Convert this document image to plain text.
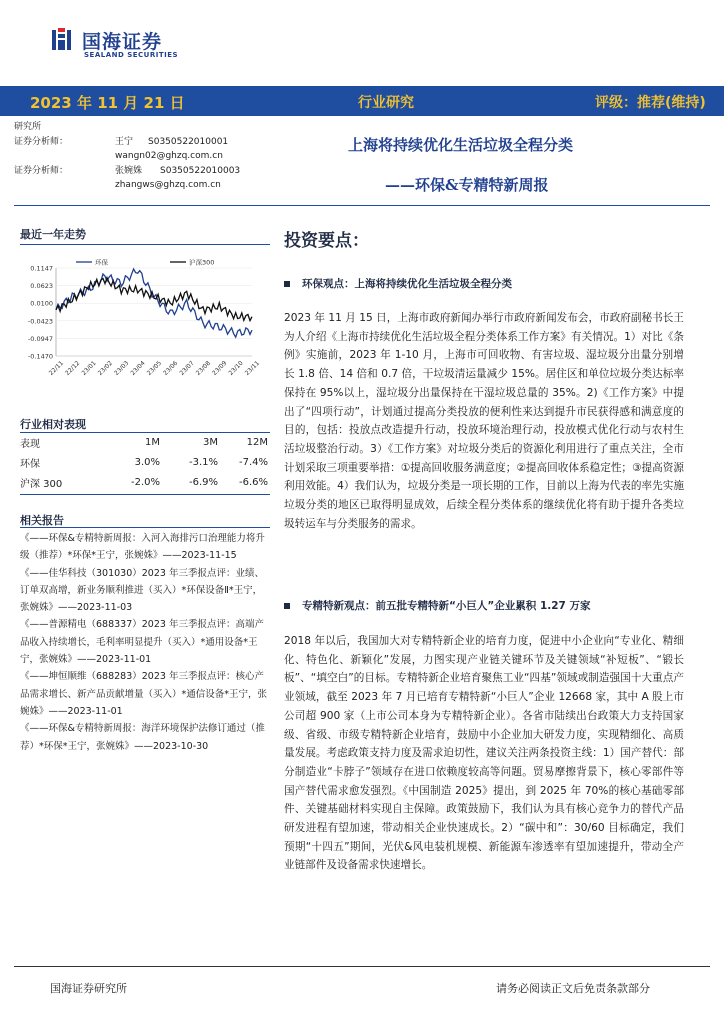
国海证券
SEALAND SECURITIES
2023 年 11 月 21 日	行业研究	评级：推荐(维持)
研究所
证券分析师：	王宁 S0350522010001
wangn02@ghzq.com.cn
证券分析师：	张婉姝 S0350522010003
zhangws@ghzq.com.cn
上海将持续优化生活垃圾全程分类
——环保&专精特新周报
最近一年走势
0.1147
0.0623
0.0100
-0.0423
-0.0947
-0.1470
22/11 22/12 23/01 23/02 23/03 23/04 23/05 23/06 23/07 23/08 23/09 23/10 23/11
环保	沪深300
行业相对表现
表现	1M	3M	12M
环保	3.0%	-3.1%	-7.4%
沪深 300	-2.0%	-6.9%	-6.6%
相关报告

《——环保&专精特新周报：入河入海排污口治理能力将升级（推荐）*环保*王宁，张婉姝》——2023-11-15

《——佳华科技（301030）2023 年三季报点评：业绩、订单双高增，新业务顺利推进（买入）*环保设备Ⅱ*王宁，张婉姝》——2023-11-03

《——普源精电（688337）2023 年三季报点评：高端产品收入持续增长，毛利率明显提升（买入）*通用设备*王宁，张婉姝》——2023-11-01

《——坤恒顺维（688283）2023 年三季报点评：核心产品需求增长、新产品贡献增量（买入）*通信设备*王宁，张婉姝》——2023-11-01

《——环保&专精特新周报：海洋环境保护法修订通过（推荐）*环保*王宁，张婉姝》——2023-10-30

投资要点：
环保观点：上海将持续优化生活垃圾全程分类
2023 年 11 月 15 日，上海市政府新闻办举行市政府新闻发布会，市政府副秘书长王为人介绍《上海市持续优化生活垃圾全程分类体系工作方案》有关情况。1）对比《条例》实施前，2023 年 1-10 月，上海市可回收物、有害垃圾、湿垃圾分出量分别增长 1.8 倍、14 倍和 0.7 倍，干垃圾清运量减少 15%。居住区和单位垃圾分类达标率保持在 95%以上，湿垃圾分出量保持在干湿垃圾总量的 35%。2)《工作方案》中提出了“四项行动”，计划通过提高分类投放的便利性来达到提升市民获得感和满意度的目的，包括：投放点改造提升行动，投放环境治理行动，投放模式优化行动与农村生活垃圾整治行动。3）《工作方案》对垃圾分类后的资源化利用进行了重点关注，全市计划采取三项重要举措：①提高回收服务满意度；②提高回收体系稳定性；③提高资源利用效能。4）我们认为，垃圾分类是一项长期的工作，目前以上海为代表的率先实施垃圾分类的地区已取得明显成效，后续全程分类体系的继续优化将有助于提升各类垃圾转运车与分类服务的需求。
专精特新观点：前五批专精特新“小巨人”企业累积 1.27 万家
2018 年以后，我国加大对专精特新企业的培育力度，促进中小企业向“专业化、精细化、特色化、新颖化”发展，力图实现产业链关键环节及关键领域“补短板”、“锻长板”、“填空白”的目标。专精特新企业培育聚焦工业“四基”领域或制造强国十大重点产业领域，截至 2023 年 7 月已培育专精特新“小巨人”企业 12668 家，其中 A 股上市公司超 900 家（上市公司本身为专精特新企业）。各省市陆续出台政策大力支持国家级、省级、市级专精特新企业培育，鼓励中小企业加大研发力度，实现精细化、高质量发展。考虑政策支持力度及需求迫切性，建议关注两条投资主线：1）国产替代：部分制造业“卡脖子”领域存在进口依赖度较高等问题。贸易摩擦背景下，核心零部件等国产替代需求愈发强烈。《中国制造 2025》提出，到 2025 年 70%的核心基础零部件、关键基础材料实现自主保障。政策鼓励下，我们认为具有核心竞争力的替代产品研发进程有望加速，带动相关企业快速成长。2）“碳中和”：30/60 目标确定，我们预期“十四五”期间，光伏&风电装机规模、新能源车渗透率有望加速提升，带动全产业链部件及设备需求快速增长。
国海证券研究所	请务必阅读正文后免责条款部分
